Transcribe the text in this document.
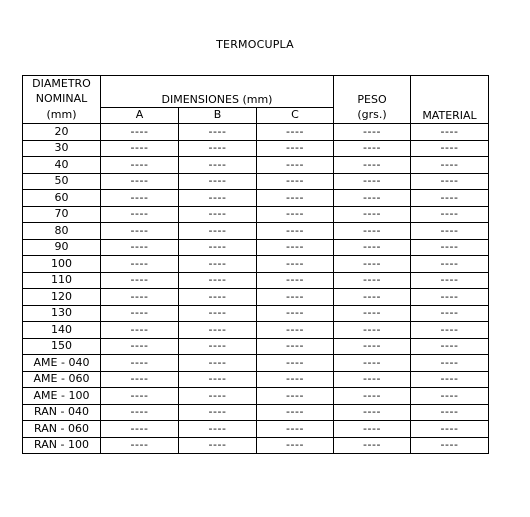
TERMOCUPLA
DIAMETRO	DIMENSIONES (mm)				
NOMINAL				PESO	
(mm)	A	B	C	(grs.)	MATERIAL
20	----	----	----	----	----
30	----	----	----	----	----
40	----	----	----	----	----
50	----	----	----	----	----
60	----	----	----	----	----
70	----	----	----	----	----
80	----	----	----	----	----
90	----	----	----	----	----
100	----	----	----	----	----
110	----	----	----	----	----
120	----	----	----	----	----
130	----	----	----	----	----
140	----	----	----	----	----
150	----	----	----	----	----
AME - 040	----	----	----	----	----
AME - 060	----	----	----	----	----
AME - 100	----	----	----	----	----
RAN - 040	----	----	----	----	----
RAN - 060	----	----	----	----	----
RAN - 100	----	----	----	----	----
